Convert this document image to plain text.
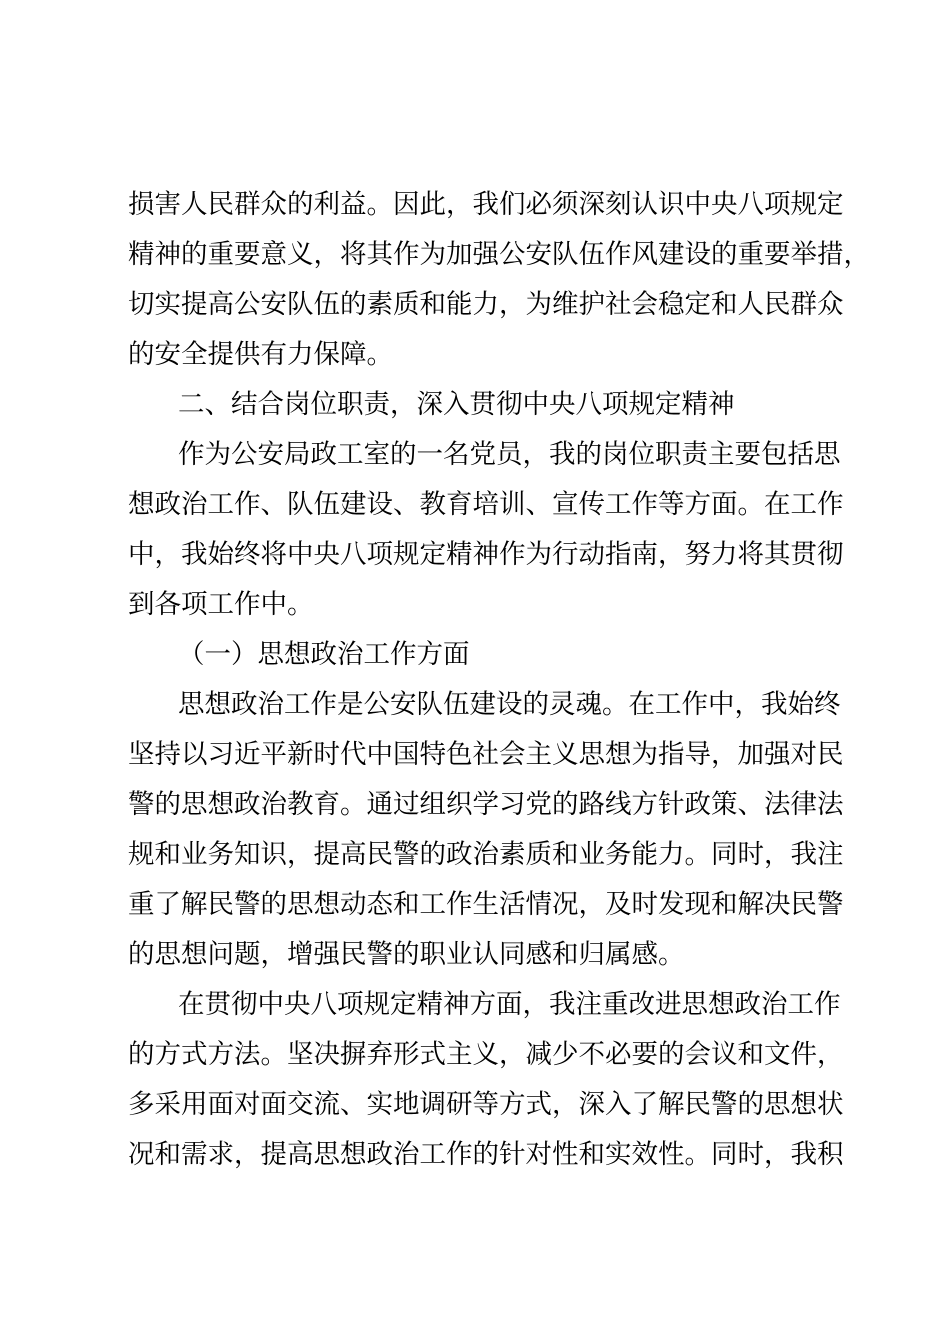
损害人民群众的利益。因此，我们必须深刻认识中央八项规定

精神的重要意义，将其作为加强公安队伍作风建设的重要举措，

切实提高公安队伍的素质和能力，为维护社会稳定和人民群众

的安全提供有力保障。

二、结合岗位职责，深入贯彻中央八项规定精神

作为公安局政工室的一名党员，我的岗位职责主要包括思

想政治工作、队伍建设、教育培训、宣传工作等方面。在工作

中，我始终将中央八项规定精神作为行动指南，努力将其贯彻

到各项工作中。

（一）思想政治工作方面

思想政治工作是公安队伍建设的灵魂。在工作中，我始终

坚持以习近平新时代中国特色社会主义思想为指导，加强对民

警的思想政治教育。通过组织学习党的路线方针政策、法律法

规和业务知识，提高民警的政治素质和业务能力。同时，我注

重了解民警的思想动态和工作生活情况，及时发现和解决民警

的思想问题，增强民警的职业认同感和归属感。

在贯彻中央八项规定精神方面，我注重改进思想政治工作

的方式方法。坚决摒弃形式主义，减少不必要的会议和文件，

多采用面对面交流、实地调研等方式，深入了解民警的思想状

况和需求，提高思想政治工作的针对性和实效性。同时，我积
